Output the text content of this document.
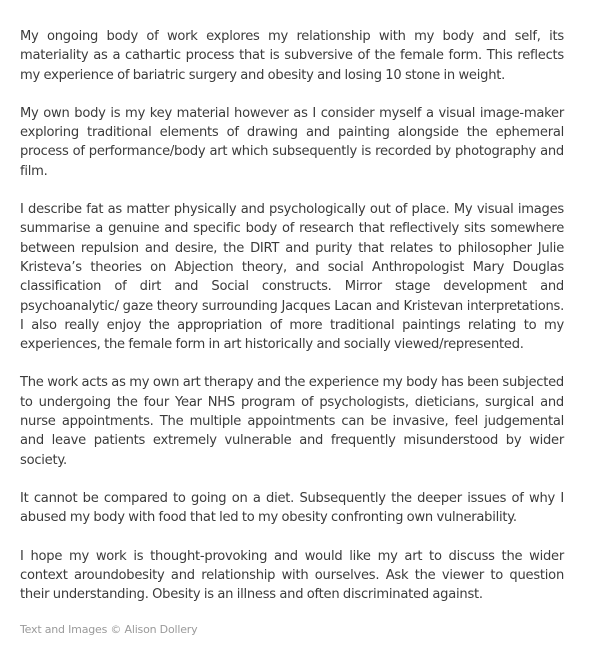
My ongoing body of work explores my relationship with my body and self, its materiality as a cathartic process that is subversive of the female form. This reflects my experience of bariatric surgery and obesity and losing 10 stone in weight.

My own body is my key material however as I consider myself a visual image-maker exploring traditional elements of drawing and painting alongside the ephemeral process of performance/body art which subsequently is recorded by photography and film.

I describe fat as matter physically and psychologically out of place. My visual images summarise a genuine and specific body of research that reflectively sits somewhere between repulsion and desire, the DIRT and purity that relates to philosopher Julie Kristeva’s theories on Abjection theory, and social Anthropologist Mary Douglas classification of dirt and Social constructs. Mirror stage development and psychoanalytic/ gaze theory surrounding Jacques Lacan and Kristevan interpretations. I also really enjoy the appropriation of more traditional paintings relating to my experiences, the female form in art historically and socially viewed/represented.

The work acts as my own art therapy and the experience my body has been subjected to undergoing the four Year NHS program of psychologists, dieticians, surgical and nurse appointments. The multiple appointments can be invasive, feel judgemental and leave patients extremely vulnerable and frequently misunderstood by wider society.

It cannot be compared to going on a diet. Subsequently the deeper issues of why I abused my body with food that led to my obesity confronting own vulnerability.

I hope my work is thought-provoking and would like my art to discuss the wider context aroundobesity and relationship with ourselves. Ask the viewer to question their understanding. Obesity is an illness and often discriminated against.

Text and Images © Alison Dollery
